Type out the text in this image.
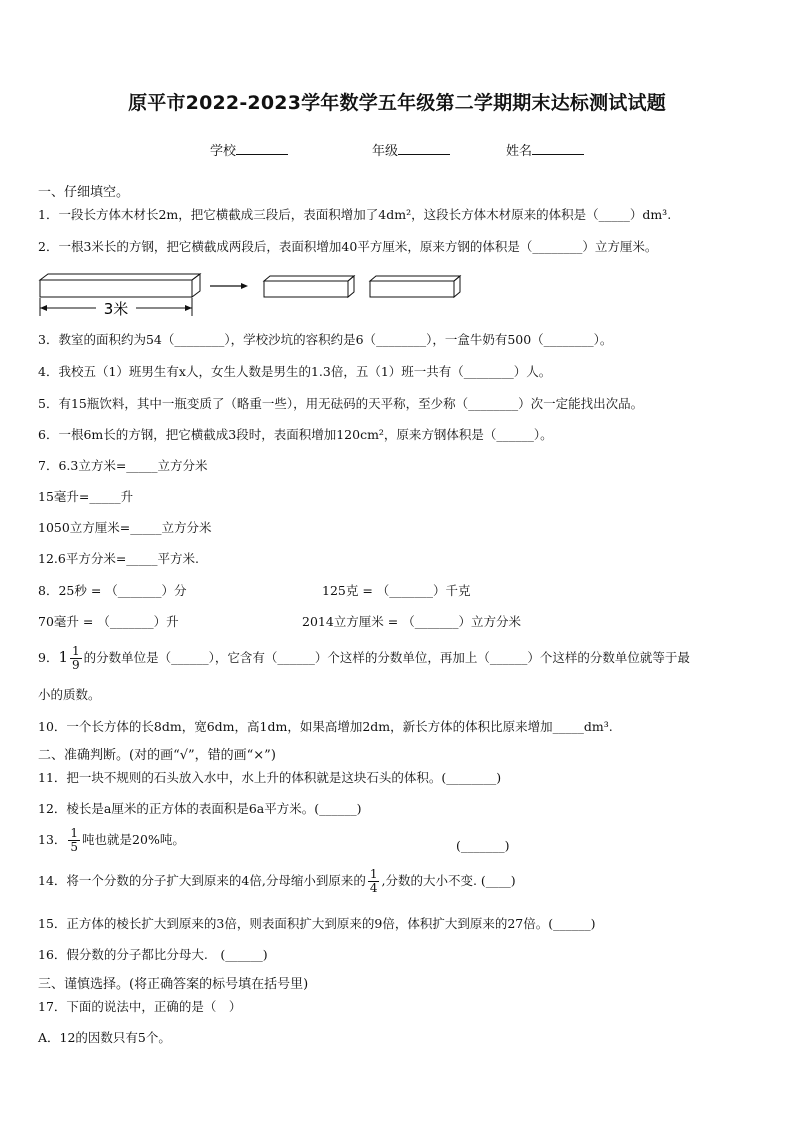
原平市2022-2023学年数学五年级第二学期期末达标测试试题
学校	年级	姓名
一、仔细填空。
1．一段长方体木材长2m，把它横截成三段后，表面积增加了4dm²，这段长方体木材原来的体积是（_____）dm³.
2．一根3米长的方钢，把它横截成两段后，表面积增加40平方厘米，原来方钢的体积是（________）立方厘米。
3米
3．教室的面积约为54（________），学校沙坑的容积约是6（________），一盒牛奶有500（________）。
4．我校五（1）班男生有x人，女生人数是男生的1.3倍，五（1）班一共有（________）人。
5．有15瓶饮料，其中一瓶变质了（略重一些），用无砝码的天平称，至少称（________）次一定能找出次品。
6．一根6m长的方钢，把它横截成3段时，表面积增加120cm²，原来方钢体积是（______）。
7．6.3立方米=_____立方分米
15毫升=_____升
1050立方厘米=_____立方分米
12.6平方分米=_____平方米.
8．25秒 = （_______）分	125克 = （_______）千克
70毫升 = （_______）升	2014立方厘米 = （_______）立方分米
9．$1 \frac{1}{9}$ 的分数单位是（______），它含有（______）个这样的分数单位，再加上（______）个这样的分数单位就等于最
小的质数。
10．一个长方体的长8dm，宽6dm，高1dm，如果高增加2dm，新长方体的体积比原来增加_____dm³.
二、准确判断。(对的画“√”，错的画“×”)
11．把一块不规则的石头放入水中，水上升的体积就是这块石头的体积。(________)
12．棱长是a厘米的正方体的表面积是6a平方米。(______)
13． $\frac{1}{5}$ 吨也就是20%吨。	(_______)
14．将一个分数的分子扩大到原来的4倍,分母缩小到原来的 $\frac{1}{4}$ ,分数的大小不变. (____)
15．正方体的棱长扩大到原来的3倍，则表面积扩大到原来的9倍，体积扩大到原来的27倍。(______)
16．假分数的分子都比分母大.　(______)
三、谨慎选择。(将正确答案的标号填在括号里)
17．下面的说法中，正确的是（　）
A．12的因数只有5个。
